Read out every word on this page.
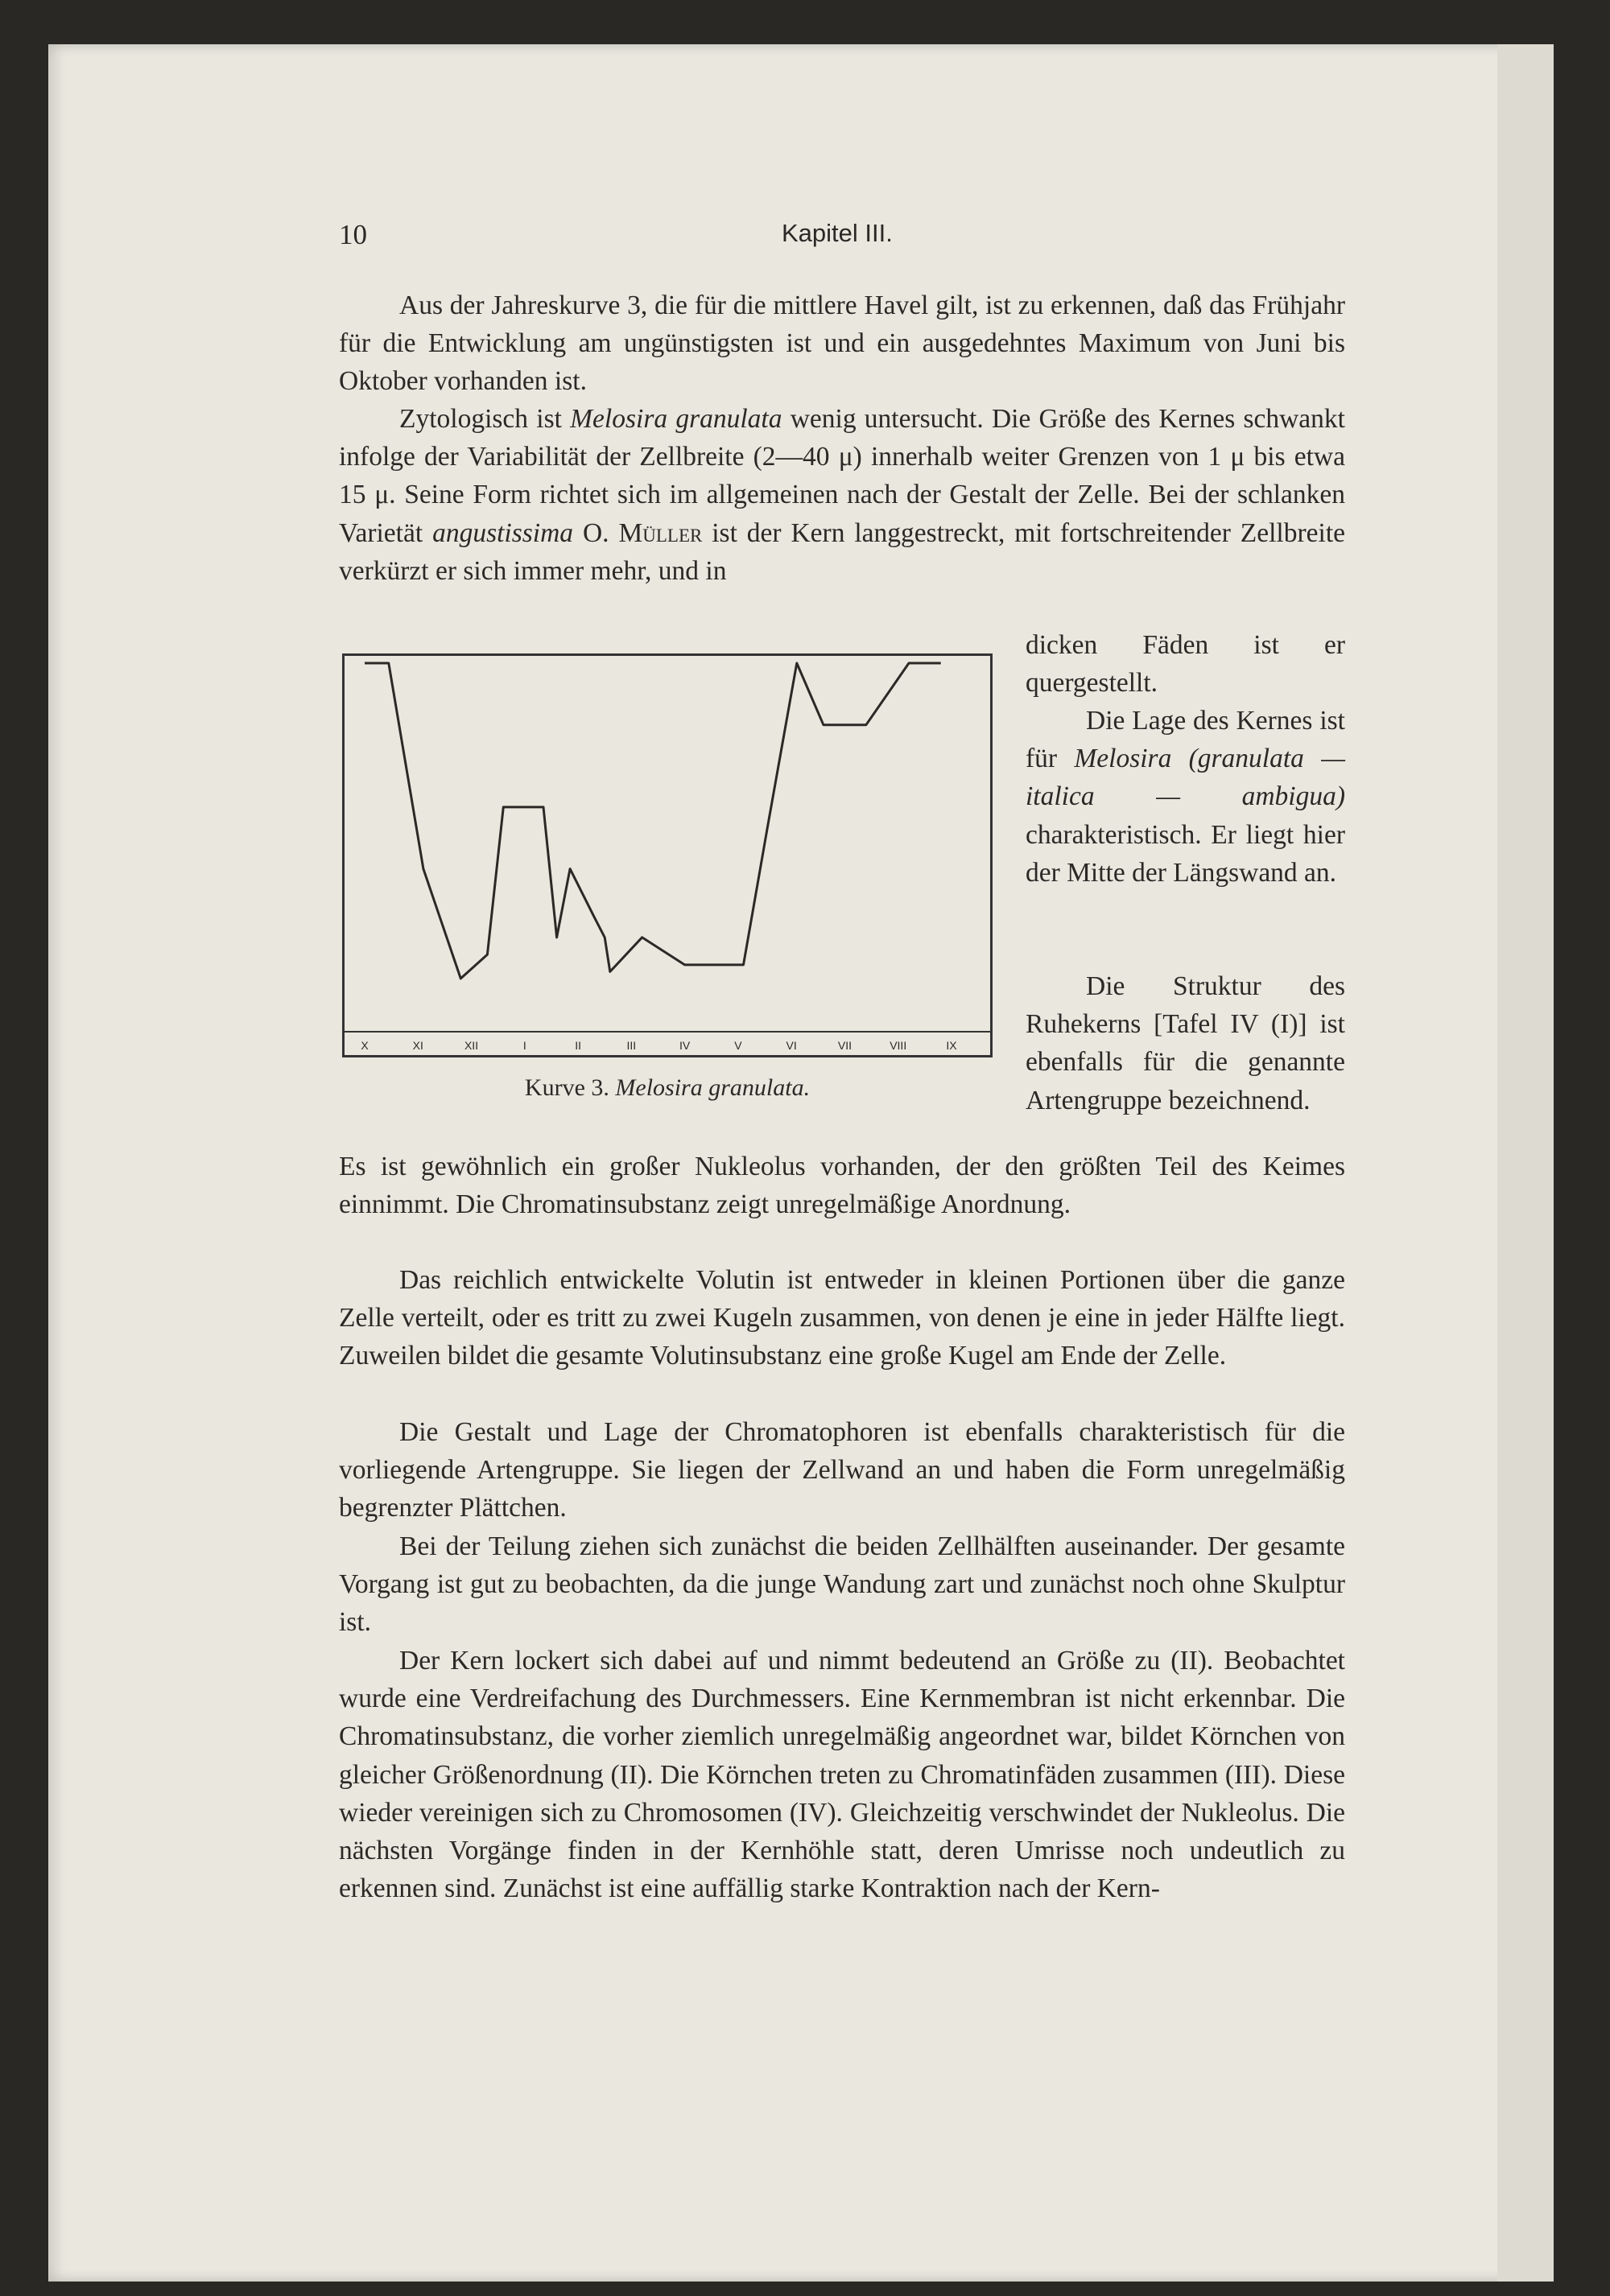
10	Kapitel III.

Aus der Jahreskurve 3, die für die mittlere Havel gilt, ist zu erkennen, daß das Frühjahr für die Entwicklung am ungünstigsten ist und ein ausgedehntes Maximum von Juni bis Oktober vorhanden ist.

Zytologisch ist Melosira granulata wenig untersucht. Die Größe des Kernes schwankt infolge der Variabilität der Zellbreite (2—40 μ) innerhalb weiter Grenzen von 1 μ bis etwa 15 μ. Seine Form richtet sich im allgemeinen nach der Gestalt der Zelle. Bei der schlanken Varietät angustissima O. Müller ist der Kern langgestreckt, mit fortschreitender Zellbreite verkürzt er sich immer mehr, und in

dicken Fäden ist er quergestellt.

Die Lage des Kernes ist für Melosira (granulata — italica — ambigua) charakteristisch. Er liegt hier der Mitte der Längswand an.

Die Struktur des Ruhekerns [Tafel IV (I)] ist ebenfalls für die genannte Artengruppe bezeichnend.

X	XI	XII	I	II	III	IV	V	VI	VII	VIII	IX
Kurve 3. Melosira granulata.

Es ist gewöhnlich ein großer Nukleolus vorhanden, der den größten Teil des Keimes einnimmt. Die Chromatinsubstanz zeigt unregelmäßige Anordnung.

Das reichlich entwickelte Volutin ist entweder in kleinen Portionen über die ganze Zelle verteilt, oder es tritt zu zwei Kugeln zusammen, von denen je eine in jeder Hälfte liegt. Zuweilen bildet die gesamte Volutinsubstanz eine große Kugel am Ende der Zelle.

Die Gestalt und Lage der Chromatophoren ist ebenfalls charakteristisch für die vorliegende Artengruppe. Sie liegen der Zellwand an und haben die Form unregelmäßig begrenzter Plättchen.

Bei der Teilung ziehen sich zunächst die beiden Zellhälften auseinander. Der gesamte Vorgang ist gut zu beobachten, da die junge Wandung zart und zunächst noch ohne Skulptur ist.

Der Kern lockert sich dabei auf und nimmt bedeutend an Größe zu (II). Beobachtet wurde eine Verdreifachung des Durchmessers. Eine Kernmembran ist nicht erkennbar. Die Chromatinsubstanz, die vorher ziemlich unregelmäßig angeordnet war, bildet Körnchen von gleicher Größenordnung (II). Die Körnchen treten zu Chromatinfäden zusammen (III). Diese wieder vereinigen sich zu Chromosomen (IV). Gleichzeitig verschwindet der Nukleolus. Die nächsten Vorgänge finden in der Kernhöhle statt, deren Umrisse noch undeutlich zu erkennen sind. Zunächst ist eine auffällig starke Kontraktion nach der Kern-
